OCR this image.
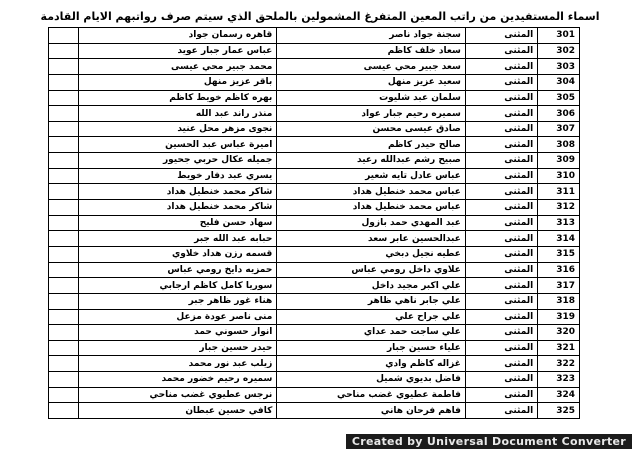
اسماء المستفيدين من راتب المعين المتفرغ المشمولين بالملحق الذي سيتم صرف رواتبهم الايام القادمة
301	المثنى	سجنة جواد ناصر	قاهره رسمان جواد	
302	المثنى	سعاد خلف كاظم	عباس عمار جبار عويد	
303	المثنى	سعد جبير محي عيسى	محمد جبير محي عيسى	
304	المثنى	سعيد عزيز منهل	باقر عزيز منهل	
305	المثنى	سلمان عبد شليوت	بهره كاظم خويط كاظم	
306	المثنى	سميره رحيم جبار عواد	منذر راند عبد الله	
307	المثنى	صادق عيسى محسن	نجوى مزهر محل عنيد	
308	المثنى	صالح حيدر كاظم	اميرة عباس عبد الحسين	
309	المثنى	صبيح رشم عبدالله رعيد	جميله عكال حربي جحيور	
310	المثنى	عباس عادل تايه شعير	يسري عبد دفار خويط	
311	المثنى	عباس محمد خنطيل هداد	شاكر محمد خنطيل هداد	
312	المثنى	عباس محمد خنطيل هداد	شاكر محمد خنطيل هداد	
313	المثنى	عبد المهدي حمد بازول	سهاد حسن فليح	
314	المثنى	عبدالحسين عابر سعد	حبابه عبد الله جبر	
315	المثنى	عطيه نجيل دبخي	قسمه رزن هداد خلاوي	
316	المثنى	علاوي داخل رومي عباس	حمزيه دايخ رومي عباس	
317	المثنى	علي اكبر مجيد داخل	سوريا كامل كاظم ارجابي	
318	المثنى	علي جابر ناهي ظاهر	هناء غور ظاهر جبر	
319	المثنى	علي جراح علي	منى ناصر عودة مزعل	
320	المثنى	علي ساجت حمد عداي	انوار حسوني حمد	
321	المثنى	علياء حسين جبار	حيدر حسين جبار	
322	المثنى	غزاله كاظم وادي	زيلب عبد نور محمد	
323	المثنى	فاضل بديوي شميل	سميره رحيم خضور محمد	
324	المثنى	فاطمة عطيوي غضب مناحي	نرجس عطيوي غضب مناحي	
325	المثنى	فاهم فرحان هاني	كافي حسين عبطان	
Created by Universal Document Converter
